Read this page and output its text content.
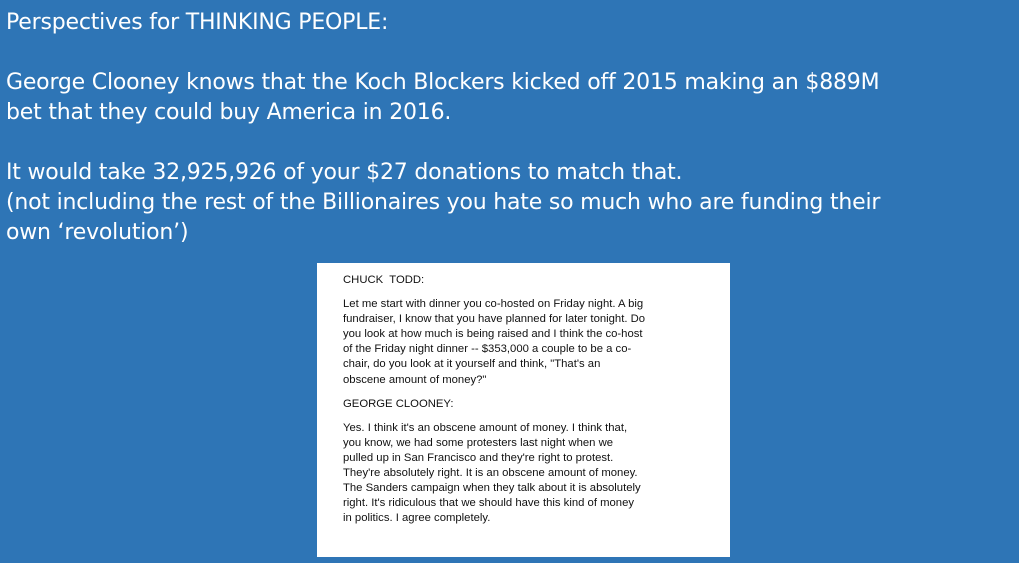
Perspectives for THINKING PEOPLE:
George Clooney knows that the Koch Blockers kicked off 2015 making an $889M
bet that they could buy America in 2016.
It would take 32,925,926 of your $27 donations to match that.
(not including the rest of the Billionaires you hate so much who are funding their
own ‘revolution’)
CHUCK  TODD:
Let me start with dinner you co-hosted on Friday night. A big
fundraiser, I know that you have planned for later tonight. Do
you look at how much is being raised and I think the co-host
of the Friday night dinner -- $353,000 a couple to be a co-
chair, do you look at it yourself and think, "That's an
obscene amount of money?"
GEORGE CLOONEY:
Yes. I think it's an obscene amount of money. I think that,
you know, we had some protesters last night when we
pulled up in San Francisco and they're right to protest.
They're absolutely right. It is an obscene amount of money.
The Sanders campaign when they talk about it is absolutely
right. It's ridiculous that we should have this kind of money
in politics. I agree completely.
